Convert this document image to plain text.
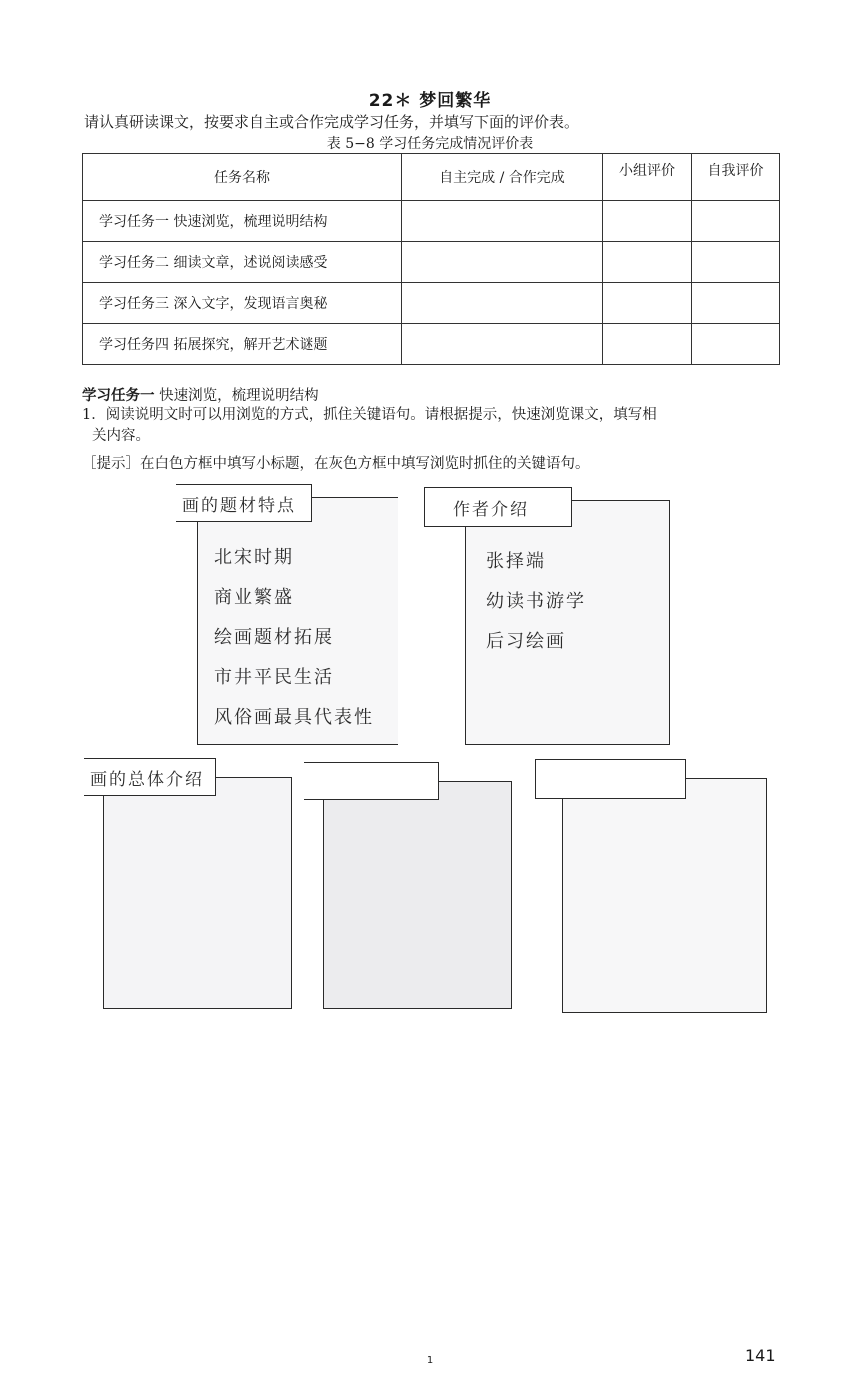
22＊ 梦回繁华
请认真研读课文，按要求自主或合作完成学习任务，并填写下面的评价表。
表 5−8 学习任务完成情况评价表
任务名称	自主完成 / 合作完成	小组评价	自我评价
学习任务一 快速浏览，梳理说明结构			
学习任务二 细读文章，述说阅读感受			
学习任务三 深入文字，发现语言奥秘			
学习任务四 拓展探究，解开艺术谜题			
学习任务一 快速浏览，梳理说明结构
1．阅读说明文时可以用浏览的方式，抓住关键语句。请根据提示，快速浏览课文，填写相
关内容。
［提示］在白色方框中填写小标题，在灰色方框中填写浏览时抓住的关键语句。
画的题材特点
北宋时期
商业繁盛
绘画题材拓展
市井平民生活
风俗画最具代表性
作者介绍
张择端
幼读书游学
后习绘画
画的总体介绍
1	141
